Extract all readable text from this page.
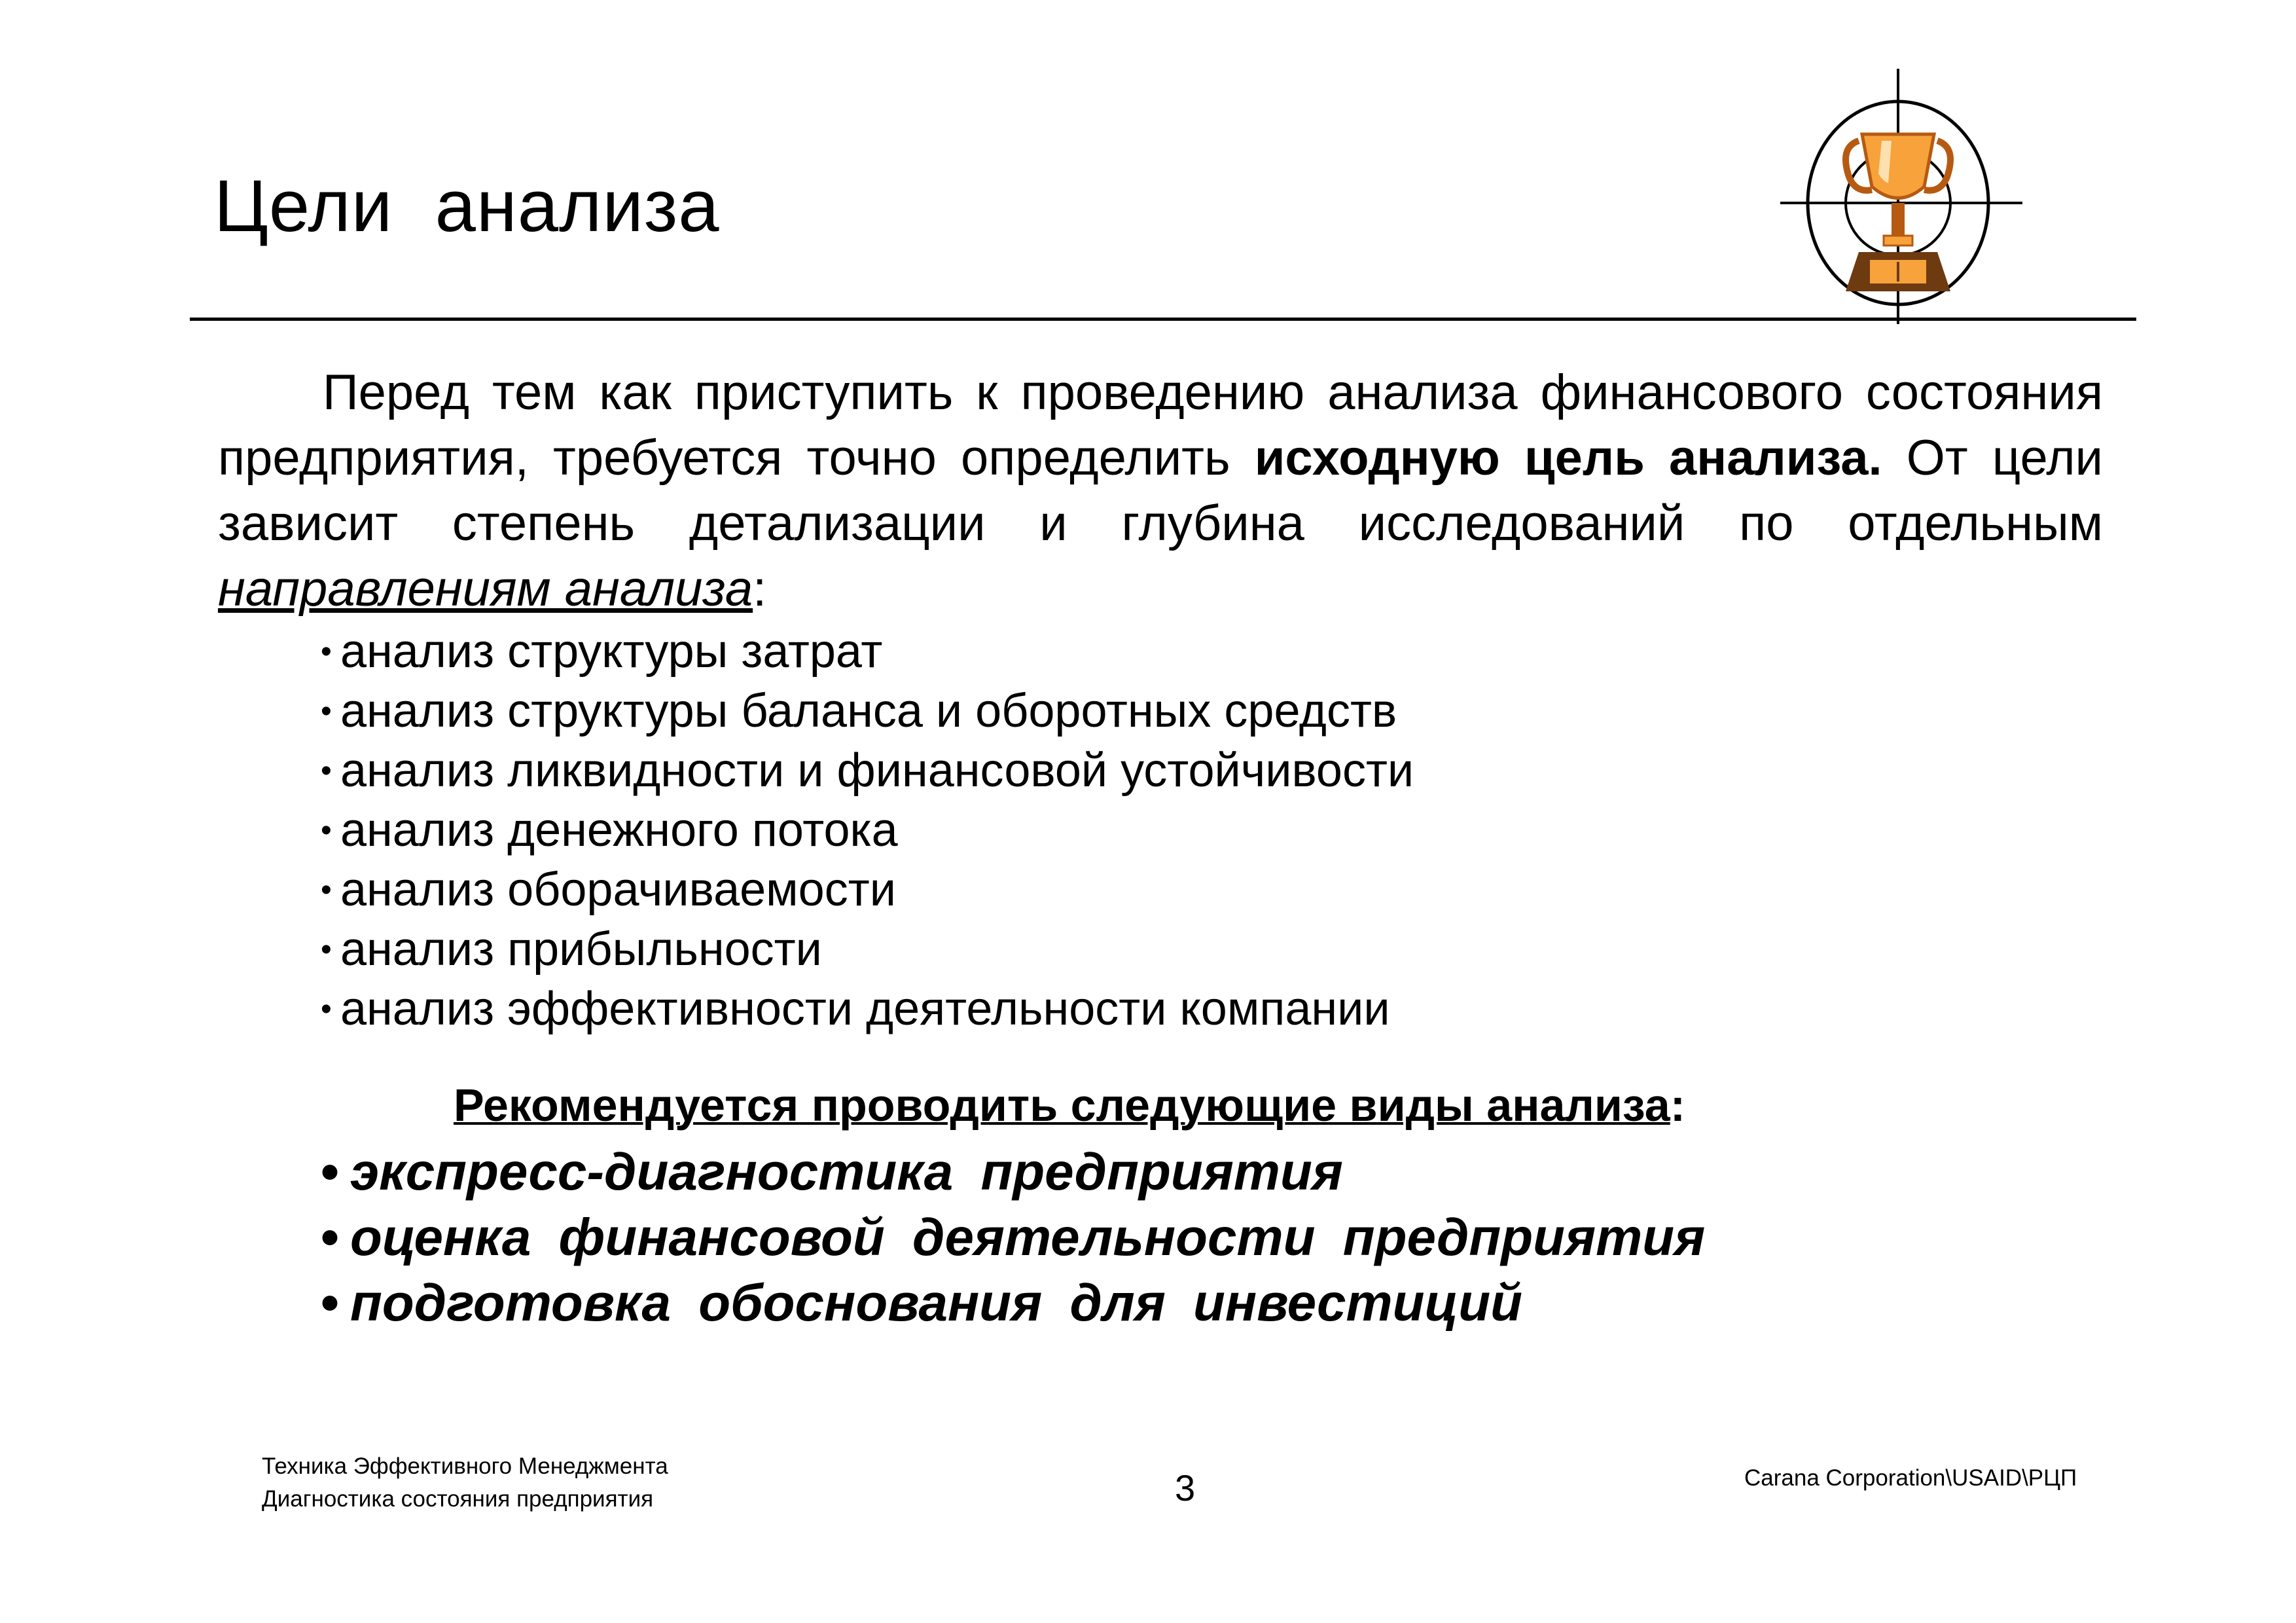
Цели  анализа

Перед тем как приступить к проведению анализа финансового состояния предприятия, требуется точно определить исходную цель анализа. От цели зависит степень детализации и глубина исследований по отдельным направлениям анализа:

• анализ структуры затрат
• анализ структуры баланса и оборотных средств
• анализ ликвидности и финансовой устойчивости
• анализ денежного потока
• анализ оборачиваемости
• анализ прибыльности
• анализ эффективности деятельности компании
Рекомендуется проводить следующие виды анализа:
• экспресс-диагностика предприятия
• оценка финансовой деятельности предприятия
• подготовка обоснования для инвестиций
Техника Эффективного Менеджмента
Диагностика состояния предприятия	3	Carana Corporation\USAID\РЦП
